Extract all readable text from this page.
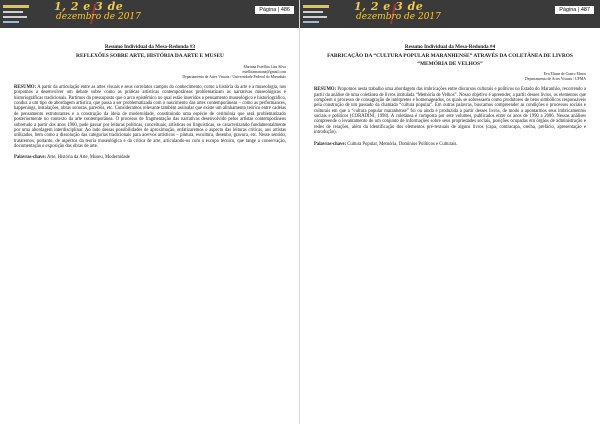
1, 2 e 3 de
dezembro de 2017
Página | 486
Resumo Individual da Mesa-Redonda #3
REFLEXÕES SOBRE ARTE, HISTÓRIA DA ARTE E MUSEU
Mariana Estellita Lins Silva
estellitamariana@gmail.com
Departamento de Artes Visuais / Universidade Federal do Maranhão
RESUMO: A partir da articulação entre as artes visuais e seus correlatos campos do conhecimento, como a história da arte e a museologia, nos propomos a desenvolver um debate sobre como as práticas artísticas contemporâneas problematizam as narrativas museológicas e historiográficas tradicionais. Partimos do pressuposto que o arco epistêmico no qual estão inseridos o pensamento museológico e historiográfico, conduz a um tipo de abordagem artística, que passa a ser problematizada com o nascimento das artes contemporâneas – como as performances, happenings, instalações, obras sonoras, parecéis, etc. Consideramos relevante também assinalar que existe um alinhamento teórico entre cadeias de pensamento estruturantes e a construção da ideia de modernidade, constituindo uma espécie de cerimônia que será problematizado posteriormente no contexto da arte contemporânea. O processo de fragmentação das narrativas desenvolvido pelos artistas contemporâneos sobretudo a partir dos anos 1960, pode passar por leituras políticas, conceituais, artísticas ou linguísticas, se caracterizando fundamentalmente por uma abordagem interdisciplinar. Ao lado dessas possibilidades de aproximação, enfatizaremos o aspecto das leituras críticas, aos artistas utilizados, bem como a dissolução das categorias tradicionais para acervos artísticos – pintura, escultura, desenho, gravura, etc. Nesse sentido, trataremos, portanto, de aspectos da teoria museológica e da crítica de arte, articulando-os com o escopo técnico, que tange a conservação, documentação e exposição das obras de arte.
Palavras-chave: Arte, História da Arte, Museu, Modernidade
1, 2 e 3 de
dezembro de 2017
Página | 487
Resumo Individual da Mesa-Redonda #4
FABRICAÇÃO DA “CULTURA POPULAR MARANHENSE” ATRAVÉS DA COLETÂNEA DE LIVROS “MEMÓRIA DE VELHOS”
Eva Eliane de Castro Matos
Departamento de Artes Visuais / UFMA
RESUMO: Propomos nesta trabalho uma abordagem das imbricações entre discursos culturais e políticos no Estado do Maranhão, recorrendo a partir da análise de uma coletânea de livros intitulada “Memória de Velhos”. Nosso objetivo é apreender, a partir desses livros, os elementos que compõem o processo de consagração de intérpretes e homenageados, os quais se sobressaem como produtores de bens simbólicos responsáveis pela construção de um passado da chamada “cultura popular”. Em outras palavras, buscamos compreender as condições e processos sociais e culturais em que a “cultura popular maranhense” foi ou ainda é produzida a partir desses livros, de modo a apontarmos seus imbricamentos sociais e políticos (CORADINI, 1998). A coletânea é composta por sete volumes, publicados entre os anos de 1990 a 2006. Nessas análises compreende o levantamento de um conjunto de informações sobre seus propriedades sociais, posições ocupadas em órgãos de administração e redes de relações, além da identificação dos elementos pré-textuais de alguns livros (capa, contracapa, orelha, prefácio, apresentação e introdução).
Palavras-chave: Cultura Popular, Memória, Domínios Políticos e Culturais.
